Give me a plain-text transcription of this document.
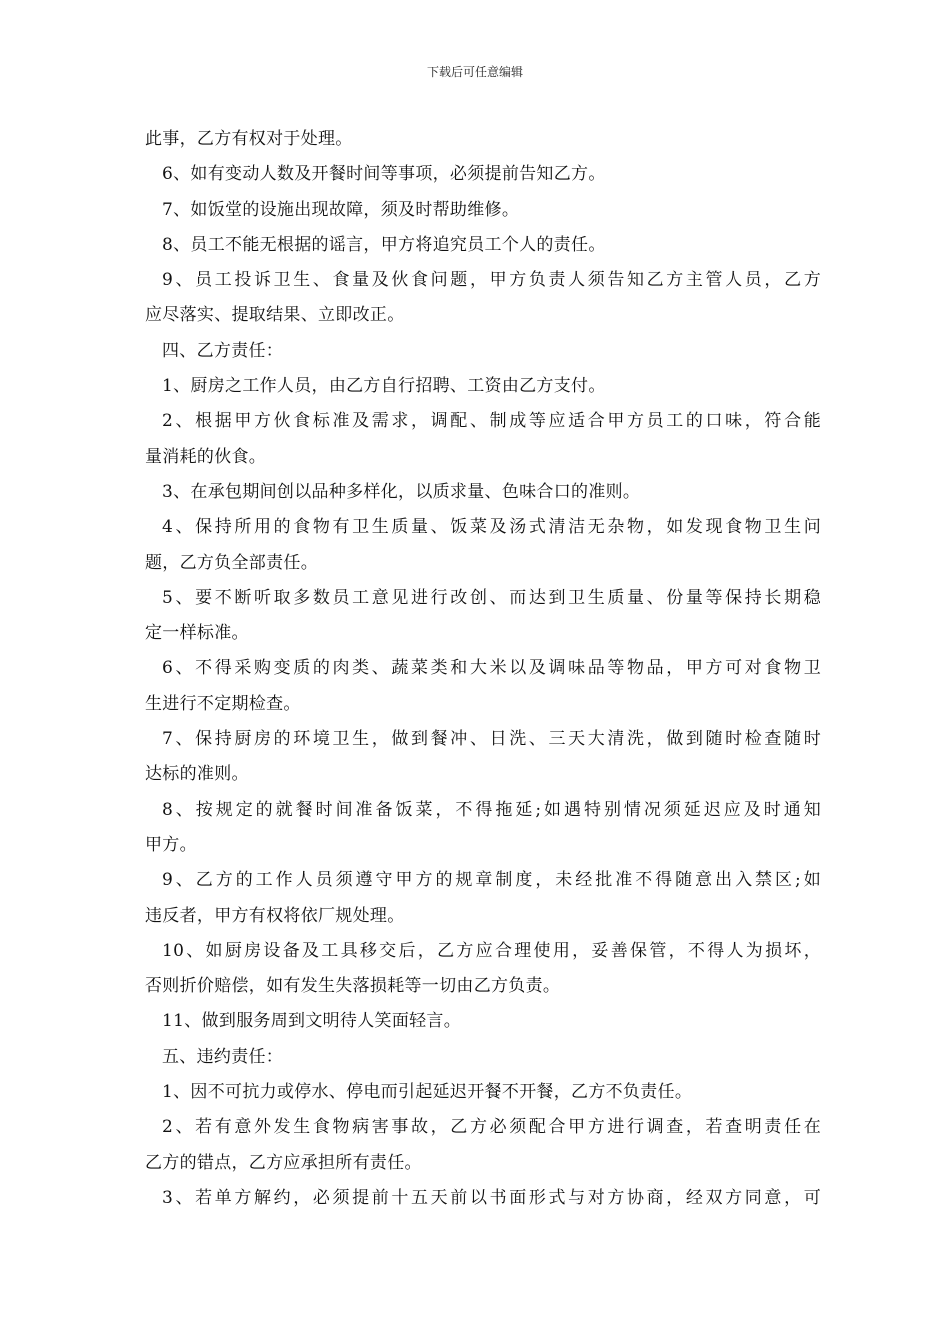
下载后可任意编辑

此事，乙方有权对于处理。

6、如有变动人数及开餐时间等事项，必须提前告知乙方。

7、如饭堂的设施出现故障，须及时帮助维修。

8、员工不能无根据的谣言，甲方将追究员工个人的责任。

9、员工投诉卫生、食量及伙食问题，甲方负责人须告知乙方主管人员，乙方

应尽落实、提取结果、立即改正。

四、乙方责任：

1、厨房之工作人员，由乙方自行招聘、工资由乙方支付。

2、根据甲方伙食标准及需求，调配、制成等应适合甲方员工的口味，符合能

量消耗的伙食。

3、在承包期间创以品种多样化，以质求量、色味合口的准则。

4、保持所用的食物有卫生质量、饭菜及汤式清洁无杂物，如发现食物卫生问

题，乙方负全部责任。

5、要不断听取多数员工意见进行改创、而达到卫生质量、份量等保持长期稳

定一样标准。

6、不得采购变质的肉类、蔬菜类和大米以及调味品等物品，甲方可对食物卫

生进行不定期检查。

7、保持厨房的环境卫生，做到餐冲、日洗、三天大清洗，做到随时检查随时

达标的准则。

8、按规定的就餐时间准备饭菜，不得拖延;如遇特别情况须延迟应及时通知

甲方。

9、乙方的工作人员须遵守甲方的规章制度，未经批准不得随意出入禁区;如

违反者，甲方有权将依厂规处理。

10、如厨房设备及工具移交后，乙方应合理使用，妥善保管，不得人为损坏，

否则折价赔偿，如有发生失落损耗等一切由乙方负责。

11、做到服务周到文明待人笑面轻言。

五、违约责任：

1、因不可抗力或停水、停电而引起延迟开餐不开餐，乙方不负责任。

2、若有意外发生食物病害事故，乙方必须配合甲方进行调查，若查明责任在

乙方的错点，乙方应承担所有责任。

3、若单方解约，必须提前十五天前以书面形式与对方协商，经双方同意，可
